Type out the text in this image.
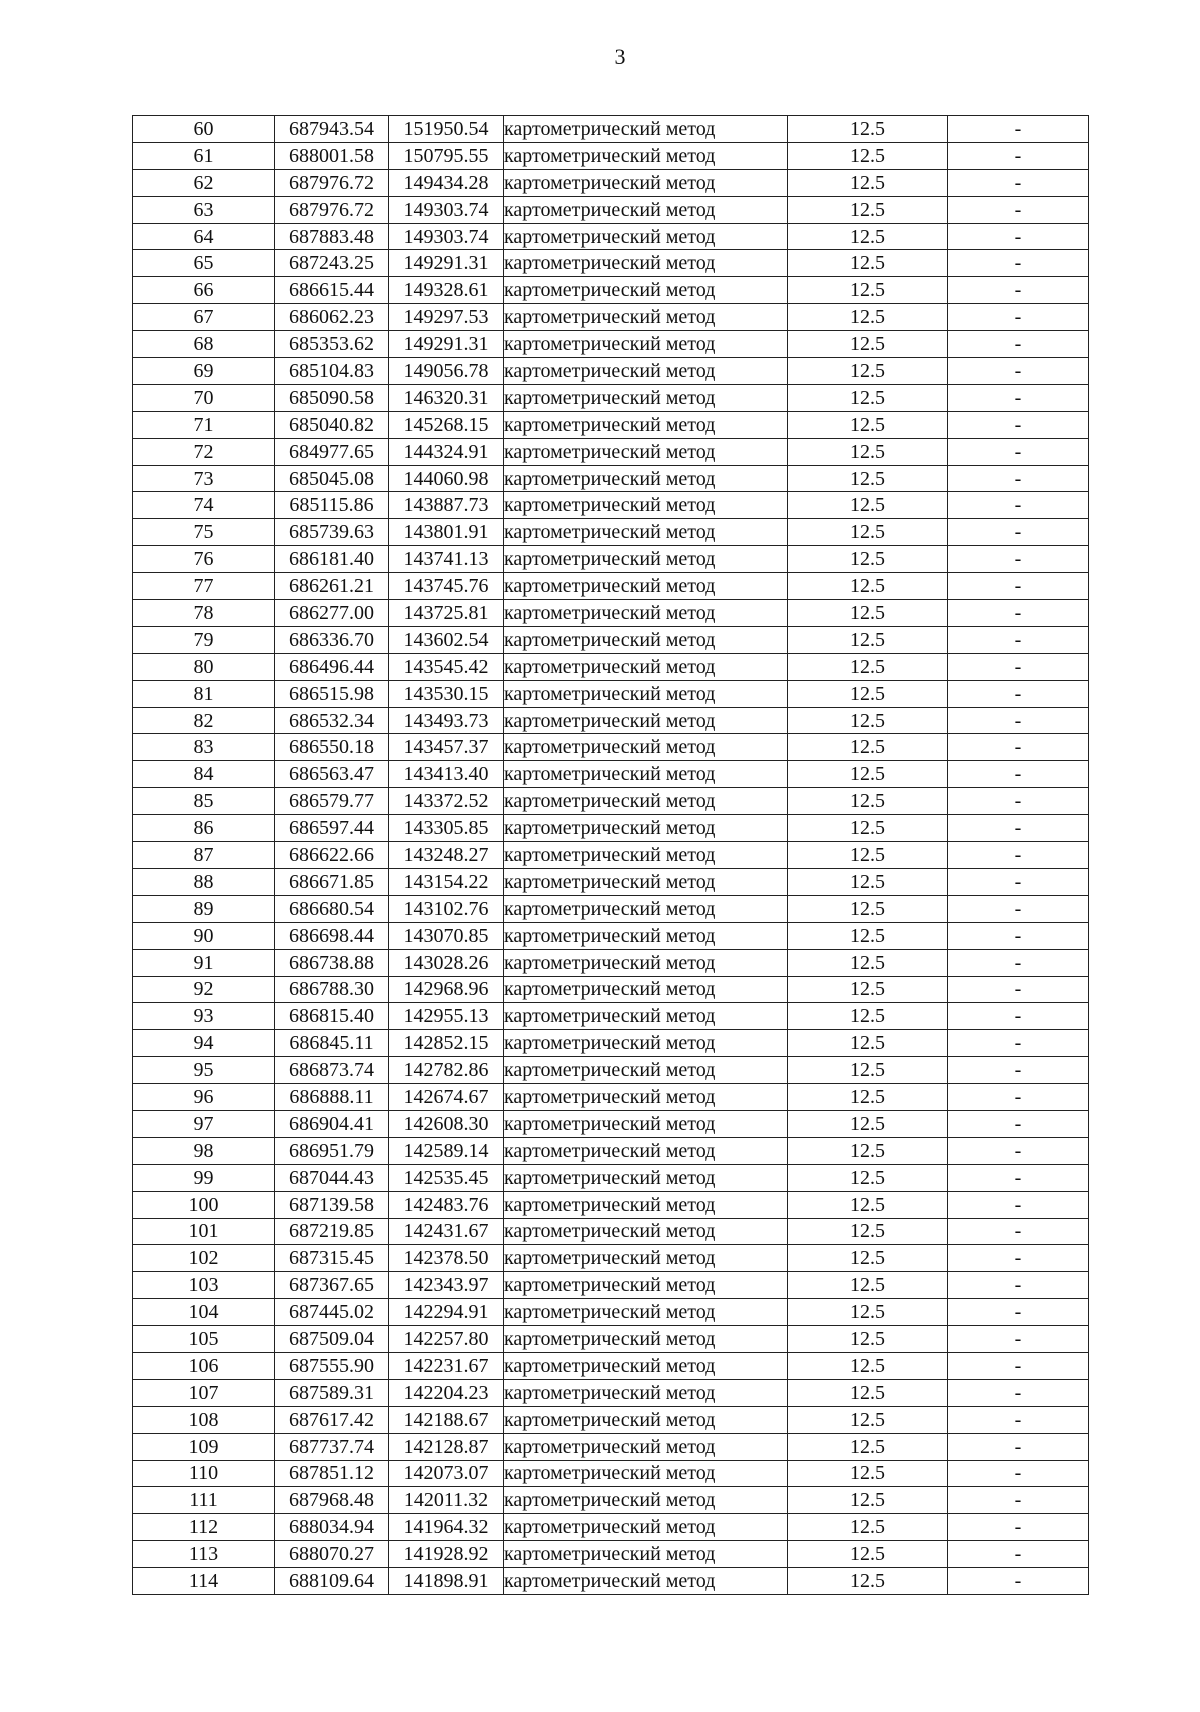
3
60	687943.54	151950.54	картометрический метод	12.5	-
61	688001.58	150795.55	картометрический метод	12.5	-
62	687976.72	149434.28	картометрический метод	12.5	-
63	687976.72	149303.74	картометрический метод	12.5	-
64	687883.48	149303.74	картометрический метод	12.5	-
65	687243.25	149291.31	картометрический метод	12.5	-
66	686615.44	149328.61	картометрический метод	12.5	-
67	686062.23	149297.53	картометрический метод	12.5	-
68	685353.62	149291.31	картометрический метод	12.5	-
69	685104.83	149056.78	картометрический метод	12.5	-
70	685090.58	146320.31	картометрический метод	12.5	-
71	685040.82	145268.15	картометрический метод	12.5	-
72	684977.65	144324.91	картометрический метод	12.5	-
73	685045.08	144060.98	картометрический метод	12.5	-
74	685115.86	143887.73	картометрический метод	12.5	-
75	685739.63	143801.91	картометрический метод	12.5	-
76	686181.40	143741.13	картометрический метод	12.5	-
77	686261.21	143745.76	картометрический метод	12.5	-
78	686277.00	143725.81	картометрический метод	12.5	-
79	686336.70	143602.54	картометрический метод	12.5	-
80	686496.44	143545.42	картометрический метод	12.5	-
81	686515.98	143530.15	картометрический метод	12.5	-
82	686532.34	143493.73	картометрический метод	12.5	-
83	686550.18	143457.37	картометрический метод	12.5	-
84	686563.47	143413.40	картометрический метод	12.5	-
85	686579.77	143372.52	картометрический метод	12.5	-
86	686597.44	143305.85	картометрический метод	12.5	-
87	686622.66	143248.27	картометрический метод	12.5	-
88	686671.85	143154.22	картометрический метод	12.5	-
89	686680.54	143102.76	картометрический метод	12.5	-
90	686698.44	143070.85	картометрический метод	12.5	-
91	686738.88	143028.26	картометрический метод	12.5	-
92	686788.30	142968.96	картометрический метод	12.5	-
93	686815.40	142955.13	картометрический метод	12.5	-
94	686845.11	142852.15	картометрический метод	12.5	-
95	686873.74	142782.86	картометрический метод	12.5	-
96	686888.11	142674.67	картометрический метод	12.5	-
97	686904.41	142608.30	картометрический метод	12.5	-
98	686951.79	142589.14	картометрический метод	12.5	-
99	687044.43	142535.45	картометрический метод	12.5	-
100	687139.58	142483.76	картометрический метод	12.5	-
101	687219.85	142431.67	картометрический метод	12.5	-
102	687315.45	142378.50	картометрический метод	12.5	-
103	687367.65	142343.97	картометрический метод	12.5	-
104	687445.02	142294.91	картометрический метод	12.5	-
105	687509.04	142257.80	картометрический метод	12.5	-
106	687555.90	142231.67	картометрический метод	12.5	-
107	687589.31	142204.23	картометрический метод	12.5	-
108	687617.42	142188.67	картометрический метод	12.5	-
109	687737.74	142128.87	картометрический метод	12.5	-
110	687851.12	142073.07	картометрический метод	12.5	-
111	687968.48	142011.32	картометрический метод	12.5	-
112	688034.94	141964.32	картометрический метод	12.5	-
113	688070.27	141928.92	картометрический метод	12.5	-
114	688109.64	141898.91	картометрический метод	12.5	-
